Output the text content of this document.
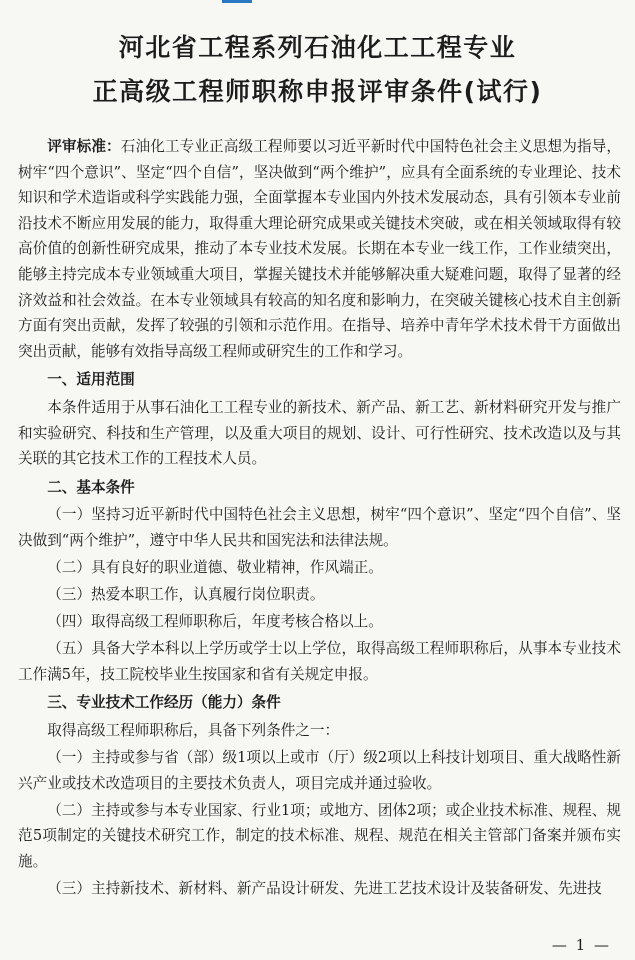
河北省工程系列石油化工工程专业
正高级工程师职称申报评审条件(试行)

评审标准：石油化工专业正高级工程师要以习近平新时代中国特色社会主义思想为指导，树牢“四个意识”、坚定“四个自信”，坚决做到“两个维护”，应具有全面系统的专业理论、技术知识和学术造诣或科学实践能力强，全面掌握本专业国内外技术发展动态，具有引领本专业前沿技术不断应用发展的能力，取得重大理论研究成果或关键技术突破，或在相关领域取得有较高价值的创新性研究成果，推动了本专业技术发展。长期在本专业一线工作，工作业绩突出，能够主持完成本专业领域重大项目，掌握关键技术并能够解决重大疑难问题，取得了显著的经济效益和社会效益。在本专业领域具有较高的知名度和影响力，在突破关键核心技术自主创新方面有突出贡献，发挥了较强的引领和示范作用。在指导、培养中青年学术技术骨干方面做出突出贡献，能够有效指导高级工程师或研究生的工作和学习。

一、适用范围

本条件适用于从事石油化工工程专业的新技术、新产品、新工艺、新材料研究开发与推广和实验研究、科技和生产管理，以及重大项目的规划、设计、可行性研究、技术改造以及与其关联的其它技术工作的工程技术人员。

二、基本条件

（一）坚持习近平新时代中国特色社会主义思想，树牢“四个意识”、坚定“四个自信”、坚决做到“两个维护”，遵守中华人民共和国宪法和法律法规。

（二）具有良好的职业道德、敬业精神，作风端正。

（三）热爱本职工作，认真履行岗位职责。

（四）取得高级工程师职称后，年度考核合格以上。

（五）具备大学本科以上学历或学士以上学位，取得高级工程师职称后，从事本专业技术工作满5年，技工院校毕业生按国家和省有关规定申报。

三、专业技术工作经历（能力）条件

取得高级工程师职称后，具备下列条件之一：

（一）主持或参与省（部）级1项以上或市（厅）级2项以上科技计划项目、重大战略性新兴产业或技术改造项目的主要技术负责人，项目完成并通过验收。

（二）主持或参与本专业国家、行业1项；或地方、团体2项；或企业技术标准、规程、规范5项制定的关键技术研究工作，制定的技术标准、规程、规范在相关主管部门备案并颁布实施。

（三）主持新技术、新材料、新产品设计研发、先进工艺技术设计及装备研发、先进技

— 1 —
